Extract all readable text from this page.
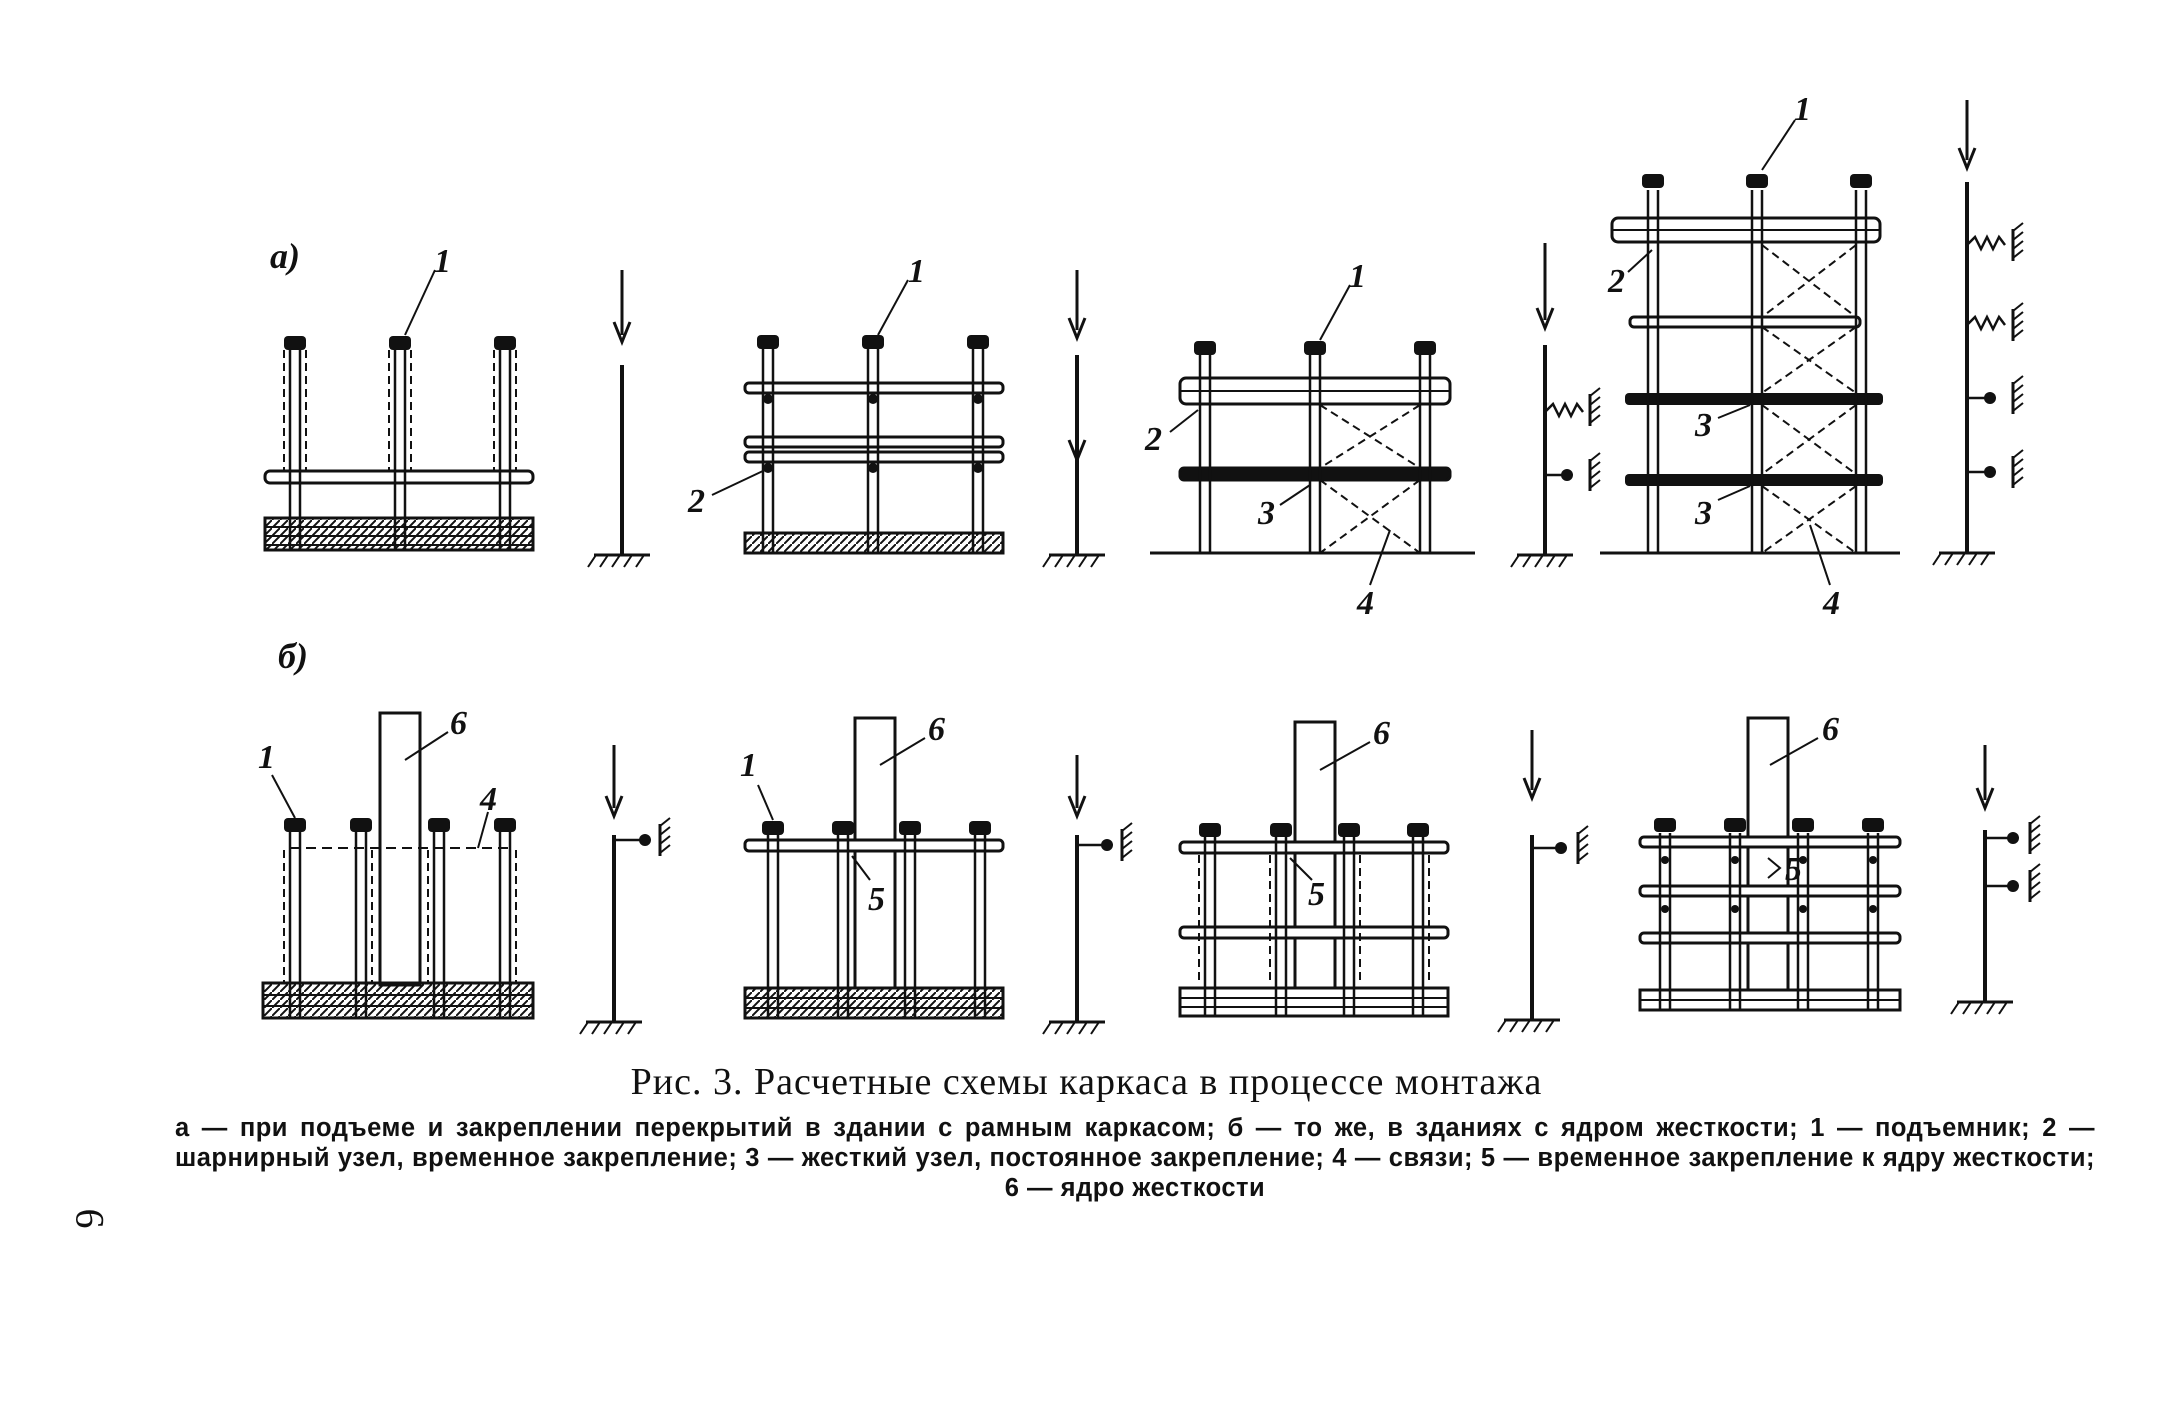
а)	1	1
2
1
2
3
4
1
2
3
3
4
б)
1
6
4
1
6
5
6
5
6
5
Рис. 3. Расчетные схемы каркаса в процессе монтажа
а — при подъеме и закреплении перекрытий в здании с рамным каркасом; б — то же, в зданиях с ядром жесткости; 1 — подъемник; 2 — шарнирный узел, временное закрепление; 3 — жесткий узел, постоянное закрепление; 4 — связи; 5 — временное закрепление к ядру жесткости; 6 — ядро жесткости
6
